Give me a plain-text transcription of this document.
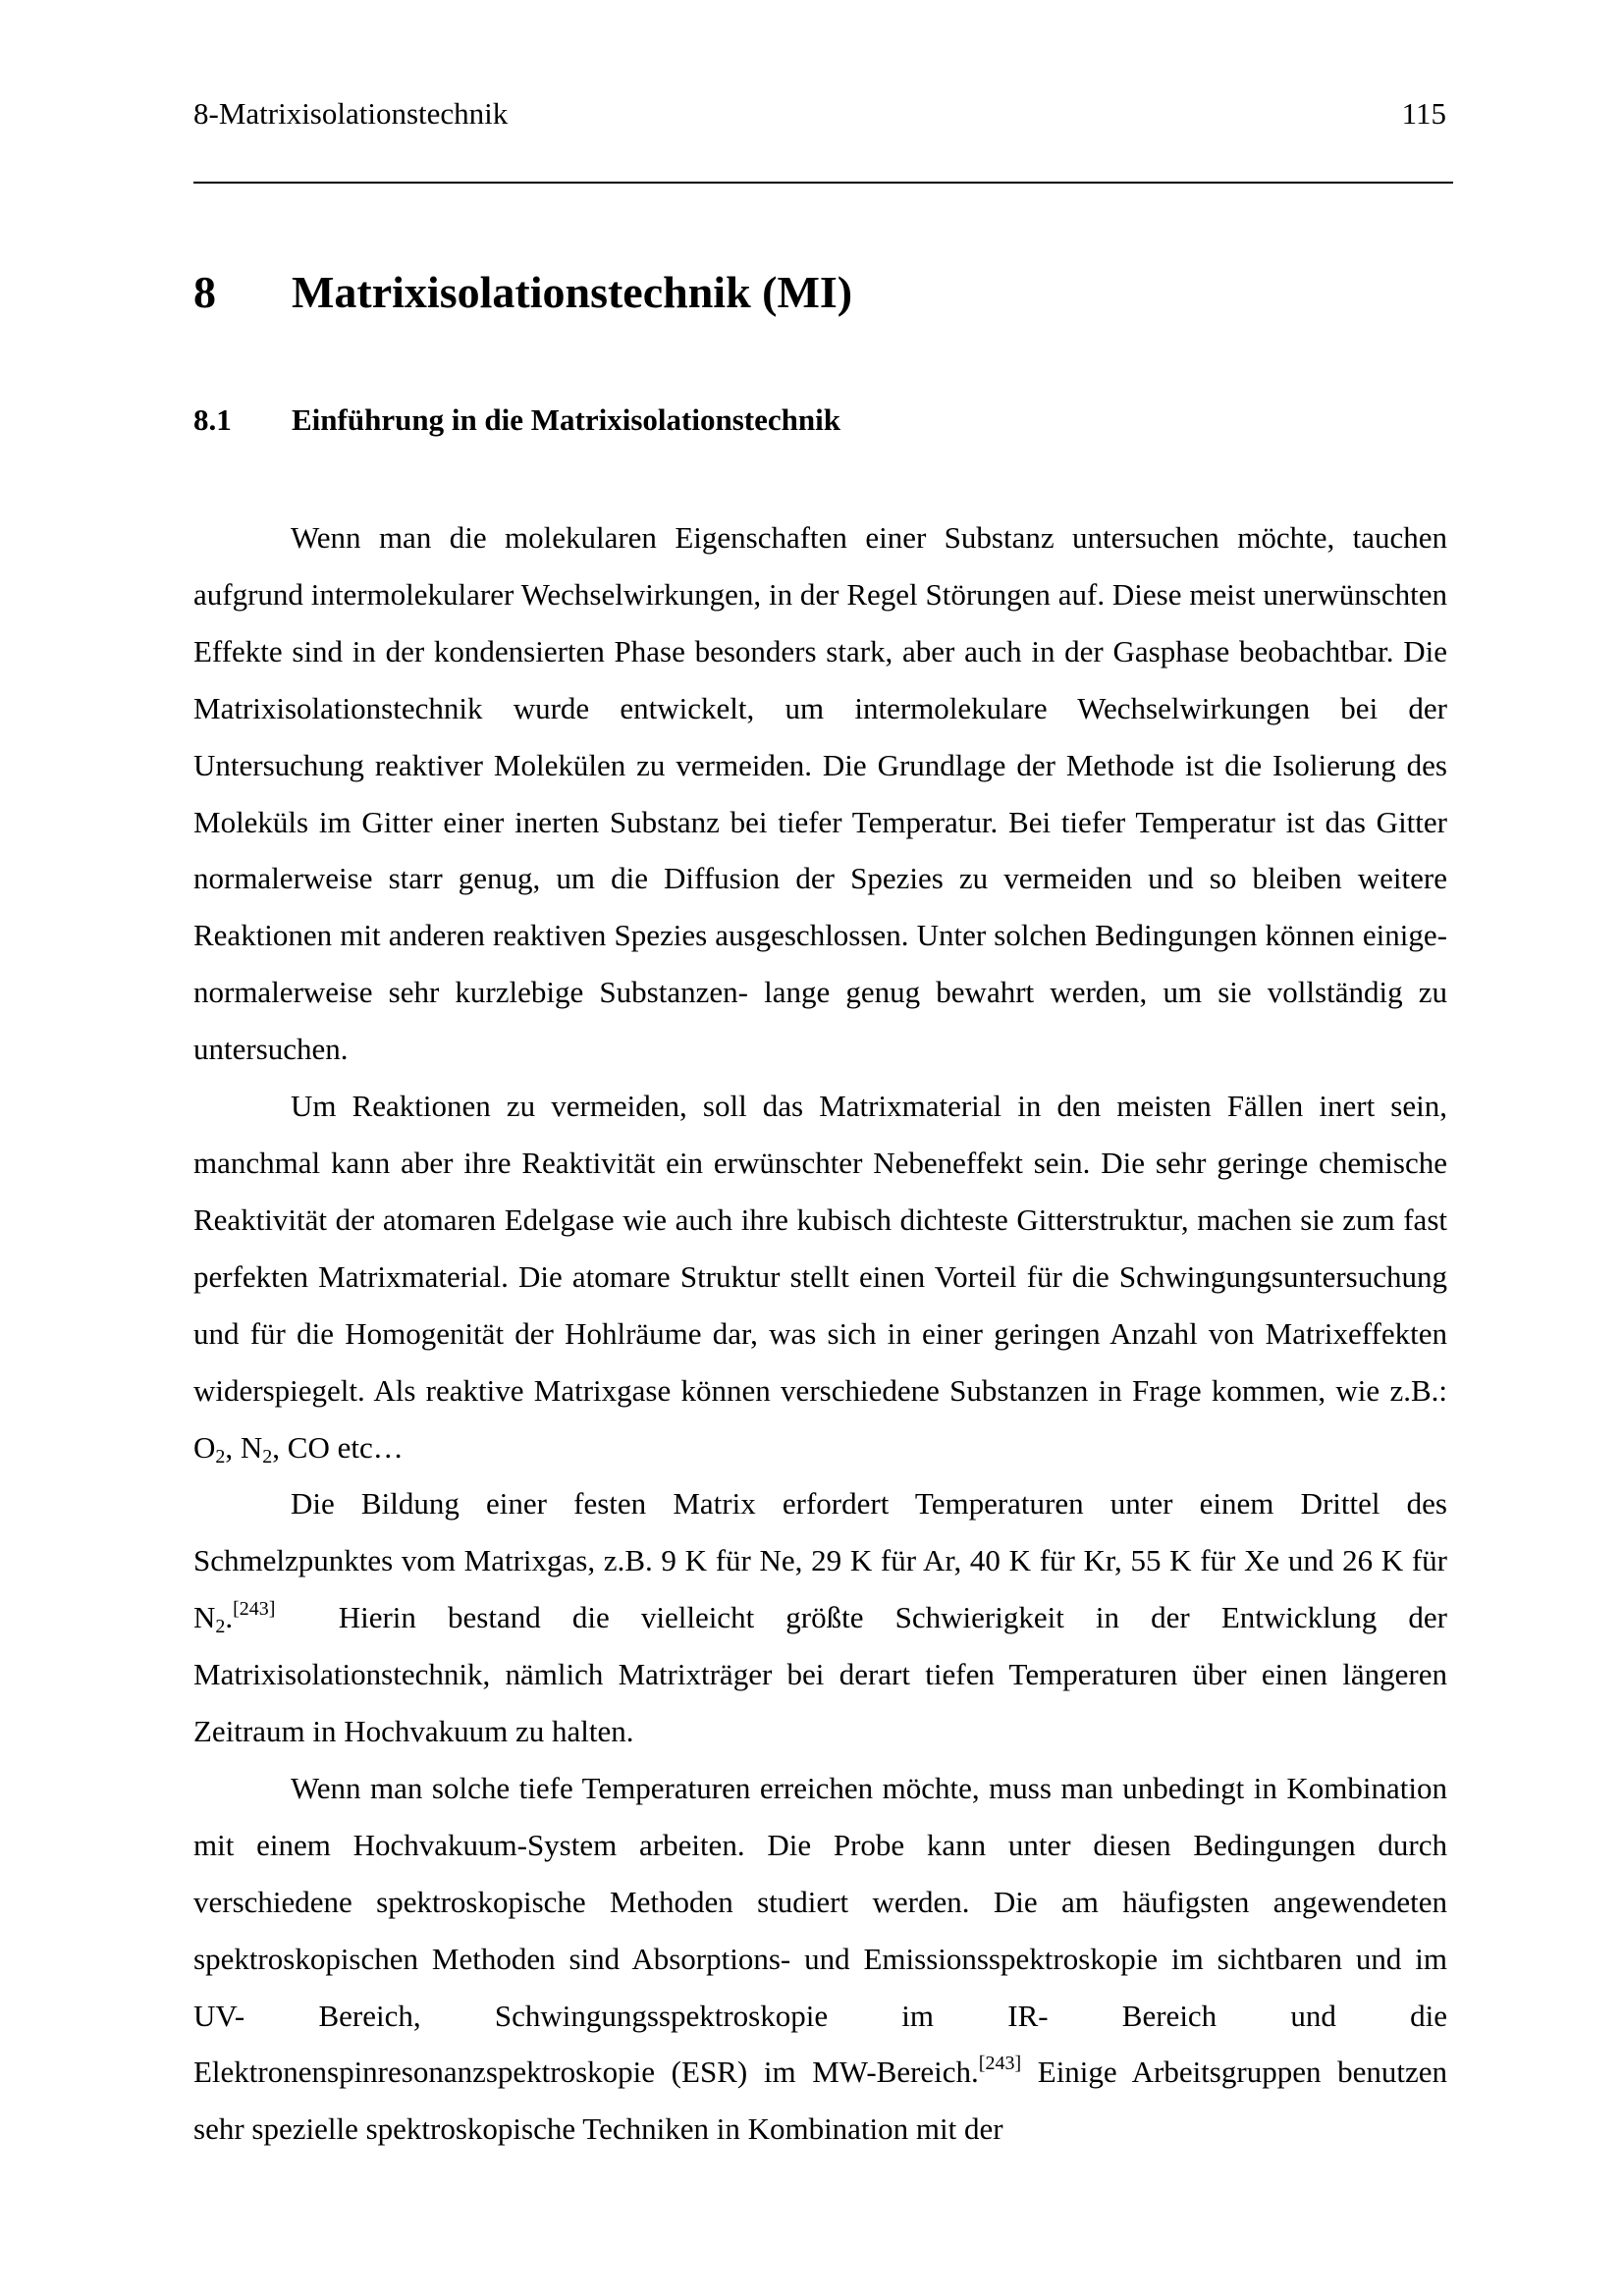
8-Matrixisolationstechnik	115
8 Matrixisolationstechnik (MI)
8.1 Einführung in die Matrixisolationstechnik

Wenn man die molekularen Eigenschaften einer Substanz untersuchen möchte, tauchen aufgrund intermolekularer Wechselwirkungen, in der Regel Störungen auf. Diese meist unerwünschten Effekte sind in der kondensierten Phase besonders stark, aber auch in der Gasphase beobachtbar. Die Matrixisolationstechnik wurde entwickelt, um intermolekulare Wechselwirkungen bei der Untersuchung reaktiver Molekülen zu vermeiden. Die Grundlage der Methode ist die Isolierung des Moleküls im Gitter einer inerten Substanz bei tiefer Temperatur. Bei tiefer Temperatur ist das Gitter normalerweise starr genug, um die Diffusion der Spezies zu vermeiden und so bleiben weitere Reaktionen mit anderen reaktiven Spezies ausgeschlossen. Unter solchen Bedingungen können einige- normalerweise sehr kurzlebige Substanzen- lange genug bewahrt werden, um sie vollständig zu untersuchen.

Um Reaktionen zu vermeiden, soll das Matrixmaterial in den meisten Fällen inert sein, manchmal kann aber ihre Reaktivität ein erwünschter Nebeneffekt sein. Die sehr geringe chemische Reaktivität der atomaren Edelgase wie auch ihre kubisch dichteste Gitterstruktur, machen sie zum fast perfekten Matrixmaterial. Die atomare Struktur stellt einen Vorteil für die Schwingungsuntersuchung und für die Homogenität der Hohlräume dar, was sich in einer geringen Anzahl von Matrixeffekten widerspiegelt. Als reaktive Matrixgase können verschiedene Substanzen in Frage kommen, wie z.B.: $O_2$, $N_2$, CO etc…

Die Bildung einer festen Matrix erfordert Temperaturen unter einem Drittel des Schmelzpunktes vom Matrixgas, z.B. 9 K für Ne, 29 K für Ar, 40 K für Kr, 55 K für Xe und 26 K für $N_2.[243]$  Hierin bestand die vielleicht größte Schwierigkeit in der Entwicklung der Matrixisolationstechnik, nämlich Matrixträger bei derart tiefen Temperaturen über einen längeren Zeitraum in Hochvakuum zu halten.

Wenn man solche tiefe Temperaturen erreichen möchte, muss man unbedingt in Kombination mit einem Hochvakuum-System arbeiten. Die Probe kann unter diesen Bedingungen durch verschiedene spektroskopische Methoden studiert werden. Die am häufigsten angewendeten spektroskopischen Methoden sind Absorptions- und Emissionsspektroskopie im sichtbaren und im UV- Bereich, Schwingungsspektroskopie im IR- Bereich und die Elektronenspinresonanzspektroskopie (ESR) im MW-Bereich.[243] Einige Arbeitsgruppen benutzen sehr spezielle spektroskopische Techniken in Kombination mit der
